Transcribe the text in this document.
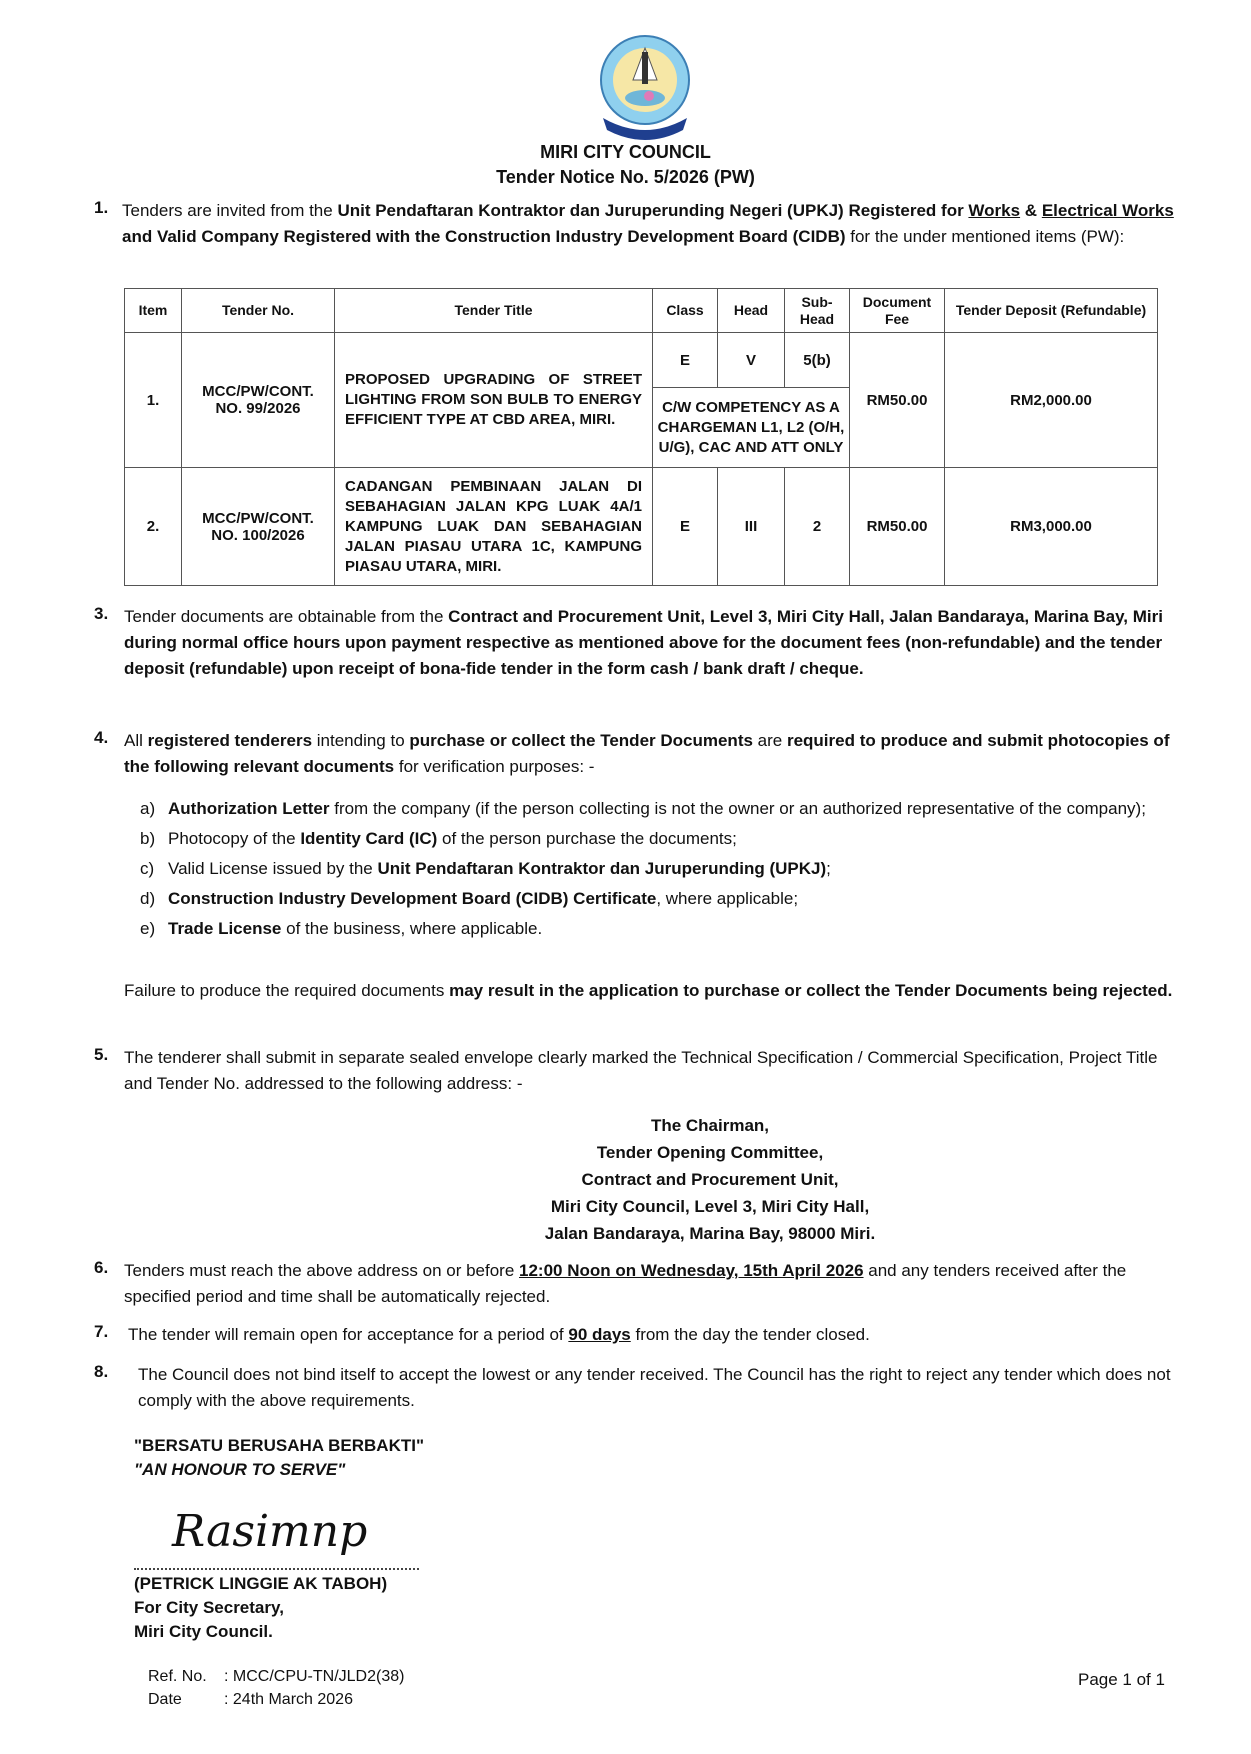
MIRI CITY COUNCIL
Tender Notice No. 5/2026 (PW)
1. Tenders are invited from the Unit Pendaftaran Kontraktor dan Juruperunding Negeri (UPKJ) Registered for Works & Electrical Works and Valid Company Registered with the Construction Industry Development Board (CIDB) for the under mentioned items (PW):
Item	Tender No.	Tender Title	Class	Head	Sub-Head	Document Fee	Tender Deposit (Refundable)
1.	MCC/PW/CONT. NO. 99/2026	PROPOSED UPGRADING OF STREET LIGHTING FROM SON BULB TO ENERGY EFFICIENT TYPE AT CBD AREA, MIRI.	E	V	5(b)	RM50.00	RM2,000.00
			C/W COMPETENCY AS A CHARGEMAN L1, L2 (O/H, U/G), CAC AND ATT ONLY				
2.	MCC/PW/CONT. NO. 100/2026	CADANGAN PEMBINAAN JALAN DI SEBAHAGIAN JALAN KPG LUAK 4A/1 KAMPUNG LUAK DAN SEBAHAGIAN JALAN PIASAU UTARA 1C, KAMPUNG PIASAU UTARA, MIRI.	E	III	2	RM50.00	RM3,000.00
3. Tender documents are obtainable from the Contract and Procurement Unit, Level 3, Miri City Hall, Jalan Bandaraya, Marina Bay, Miri during normal office hours upon payment respective as mentioned above for the document fees (non-refundable) and the tender deposit (refundable) upon receipt of bona-fide tender in the form cash / bank draft / cheque.
4. All registered tenderers intending to purchase or collect the Tender Documents are required to produce and submit photocopies of the following relevant documents for verification purposes: -
a) Authorization Letter from the company (if the person collecting is not the owner or an authorized representative of the company);
b) Photocopy of the Identity Card (IC) of the person purchase the documents;
c) Valid License issued by the Unit Pendaftaran Kontraktor dan Juruperunding (UPKJ);
d) Construction Industry Development Board (CIDB) Certificate, where applicable;
e) Trade License of the business, where applicable.
Failure to produce the required documents may result in the application to purchase or collect the Tender Documents being rejected.
5. The tenderer shall submit in separate sealed envelope clearly marked the Technical Specification / Commercial Specification, Project Title and Tender No. addressed to the following address: -
The Chairman,
Tender Opening Committee,
Contract and Procurement Unit,
Miri City Council, Level 3, Miri City Hall,
Jalan Bandaraya, Marina Bay, 98000 Miri.
6. Tenders must reach the above address on or before 12:00 Noon on Wednesday, 15th April 2026 and any tenders received after the specified period and time shall be automatically rejected.
7. The tender will remain open for acceptance for a period of 90 days from the day the tender closed.
8. The Council does not bind itself to accept the lowest or any tender received. The Council has the right to reject any tender which does not comply with the above requirements.
"BERSATU BERUSAHA BERBAKTI"
"AN HONOUR TO SERVE"
Rasimnp
(PETRICK LINGGIE AK TABOH)
For City Secretary,
Miri City Council.
Ref. No. : MCC/CPU-TN/JLD2(38)
Date	: 24th March 2026
Page 1 of 1
